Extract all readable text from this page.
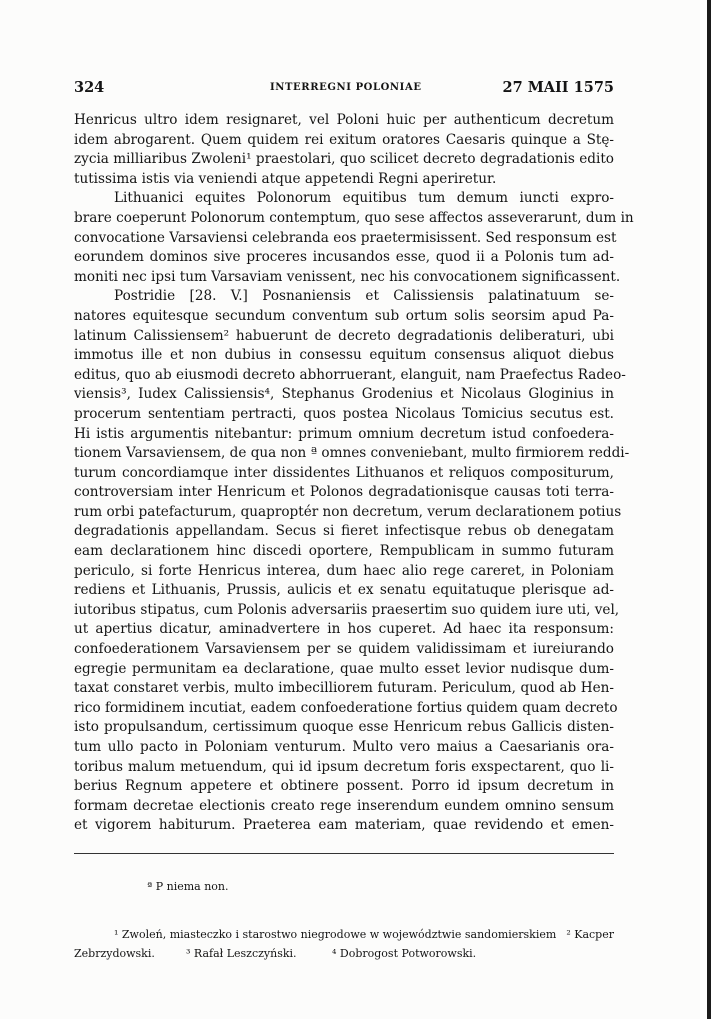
324	INTERREGNI POLONIAE	27 MAII 1575
Henricus ultro idem resignaret, vel Poloni huic per authenticum decretum
idem abrogarent. Quem quidem rei exitum oratores Caesaris quinque a Stę-
zycia milliaribus Zwoleni¹ praestolari, quo scilicet decreto degradationis edito
tutissima istis via veniendi atque appetendi Regni aperiretur.
Lithuanici equites Polonorum equitibus tum demum iuncti expro-
brare coeperunt Polonorum contemptum, quo sese affectos asseverarunt, dum in
convocatione Varsaviensi celebranda eos praetermisissent. Sed responsum est
eorundem dominos sive proceres incusandos esse, quod ii a Polonis tum ad-
moniti nec ipsi tum Varsaviam venissent, nec his convocationem significassent.
Postridie [28. V.] Posnaniensis et Calissiensis palatinatuum se-
natores equitesque secundum conventum sub ortum solis seorsim apud Pa-
latinum Calissiensem² habuerunt de decreto degradationis deliberaturi, ubi
immotus ille et non dubius in consessu equitum consensus aliquot diebus
editus, quo ab eiusmodi decreto abhorruerant, elanguit, nam Praefectus Radeo-
viensis³, Iudex Calissiensis⁴, Stephanus Grodenius et Nicolaus Gloginius in
procerum sententiam pertracti, quos postea Nicolaus Tomicius secutus est.
Hi istis argumentis nitebantur: primum omnium decretum istud confoedera-
tionem Varsaviensem, de qua non ª omnes conveniebant, multo firmiorem reddi-
turum concordiamque inter dissidentes Lithuanos et reliquos compositurum,
controversiam inter Henricum et Polonos degradationisque causas toti terra-
rum orbi patefacturum, quaproptér non decretum, verum declarationem potius
degradationis appellandam. Secus si fieret infectisque rebus ob denegatam
eam declarationem hinc discedi oportere, Rempublicam in summo futuram
periculo, si forte Henricus interea, dum haec alio rege careret, in Poloniam
rediens et Lithuanis, Prussis, aulicis et ex senatu equitatuque plerisque ad-
iutoribus stipatus, cum Polonis adversariis praesertim suo quidem iure uti, vel,
ut apertius dicatur, aminadvertere in hos cuperet. Ad haec ita responsum:
confoederationem Varsaviensem per se quidem validissimam et iureiurando
egregie permunitam ea declaratione, quae multo esset levior nudisque dum-
taxat constaret verbis, multo imbecilliorem futuram. Periculum, quod ab Hen-
rico formidinem incutiat, eadem confoederatione fortius quidem quam decreto
isto propulsandum, certissimum quoque esse Henricum rebus Gallicis disten-
tum ullo pacto in Poloniam venturum. Multo vero maius a Caesarianis ora-
toribus malum metuendum, qui id ipsum decretum foris exspectarent, quo li-
berius Regnum appetere et obtinere possent. Porro id ipsum decretum in
formam decretae electionis creato rege inserendum eundem omnino sensum
et vigorem habiturum. Praeterea eam materiam, quae revidendo et emen-
ª P niema non.
¹ Zwoleń, miasteczko i starostwo niegrodowe w województwie sandomierskiem ² Kacper
Zebrzydowski.	³ Rafał Leszczyński.	⁴ Dobrogost Potworowski.
